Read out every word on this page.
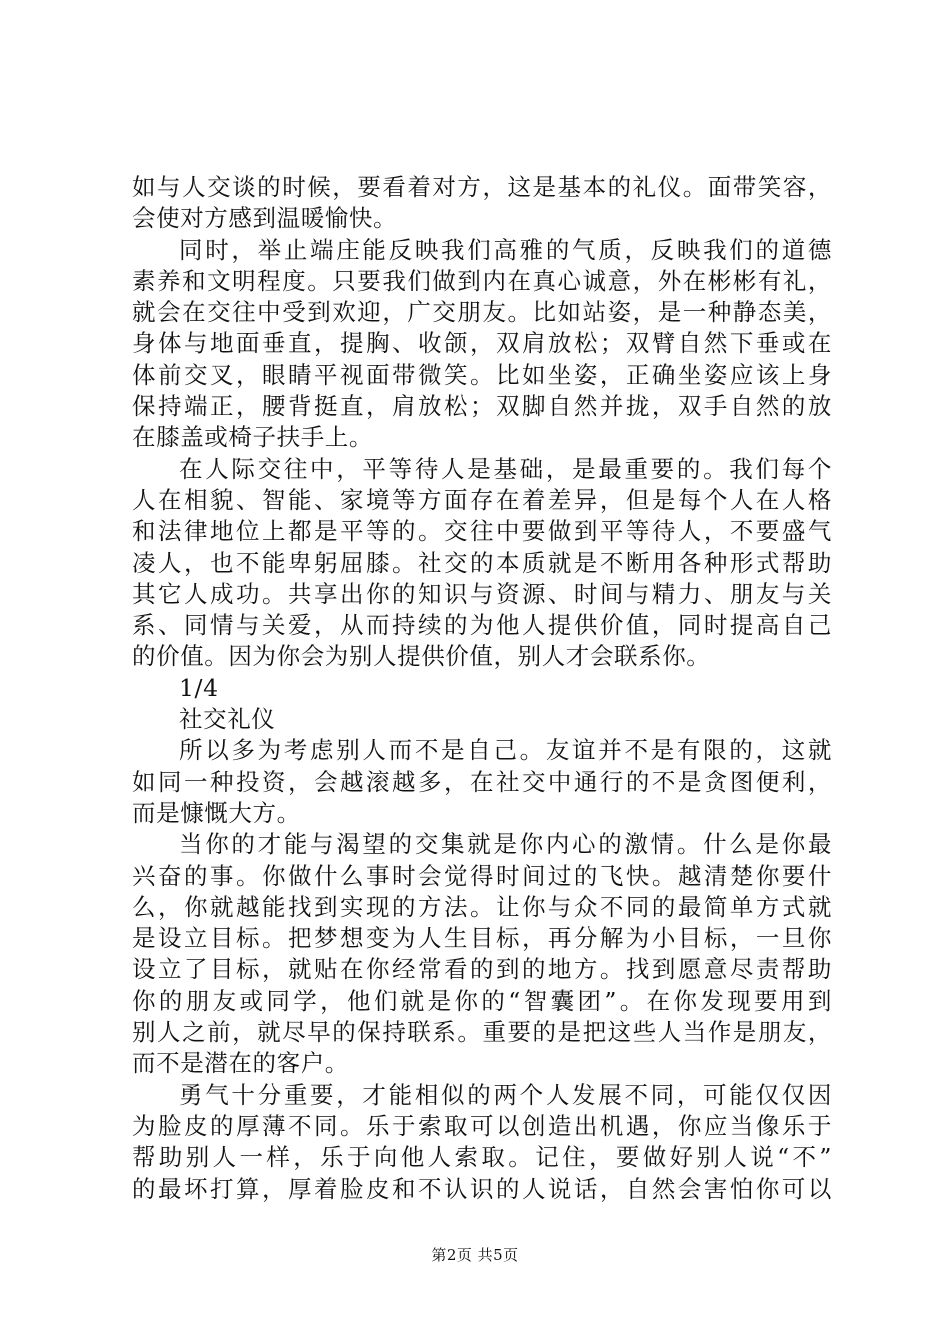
如与人交谈的时候，要看着对方，这是基本的礼仪。面带笑容，
会使对方感到温暖愉快。
同时，举止端庄能反映我们高雅的气质，反映我们的道德
素养和文明程度。只要我们做到内在真心诚意，外在彬彬有礼，
就会在交往中受到欢迎，广交朋友。比如站姿，是一种静态美，
身体与地面垂直，提胸、收颌，双肩放松；双臂自然下垂或在
体前交叉，眼睛平视面带微笑。比如坐姿，正确坐姿应该上身
保持端正，腰背挺直，肩放松；双脚自然并拢，双手自然的放
在膝盖或椅子扶手上。
在人际交往中，平等待人是基础，是最重要的。我们每个
人在相貌、智能、家境等方面存在着差异，但是每个人在人格
和法律地位上都是平等的。交往中要做到平等待人，不要盛气
凌人，也不能卑躬屈膝。社交的本质就是不断用各种形式帮助
其它人成功。共享出你的知识与资源、时间与精力、朋友与关
系、同情与关爱，从而持续的为他人提供价值，同时提高自己
的价值。因为你会为别人提供价值，别人才会联系你。
1/4
社交礼仪
所以多为考虑别人而不是自己。友谊并不是有限的，这就
如同一种投资，会越滚越多，在社交中通行的不是贪图便利，
而是慷慨大方。
当你的才能与渴望的交集就是你内心的激情。什么是你最
兴奋的事。你做什么事时会觉得时间过的飞快。越清楚你要什
么，你就越能找到实现的方法。让你与众不同的最简单方式就
是设立目标。把梦想变为人生目标，再分解为小目标，一旦你
设立了目标，就贴在你经常看的到的地方。找到愿意尽责帮助
你的朋友或同学，他们就是你的“智囊团”。在你发现要用到
别人之前，就尽早的保持联系。重要的是把这些人当作是朋友，
而不是潜在的客户。
勇气十分重要，才能相似的两个人发展不同，可能仅仅因
为脸皮的厚薄不同。乐于索取可以创造出机遇，你应当像乐于
帮助别人一样，乐于向他人索取。记住，要做好别人说“不”
的最坏打算，厚着脸皮和不认识的人说话，自然会害怕你可以
第2页 共5页
